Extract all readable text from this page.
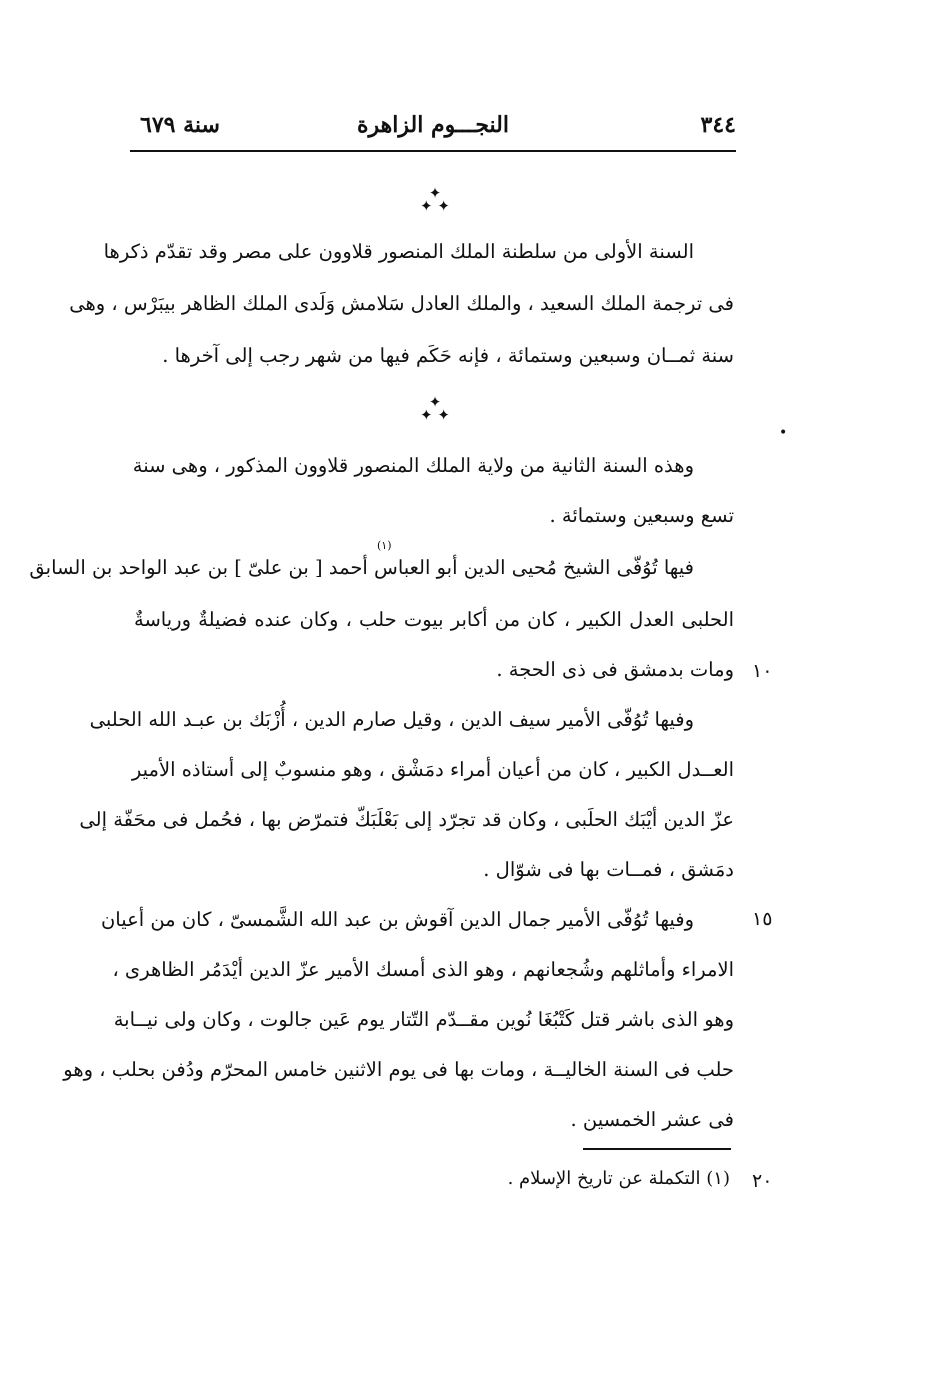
سنة ٦٧٩	النجـــوم الزاهرة	٣٤٤
✦
✦ ✦
✦
✦ ✦
•
السنة الأولى من سلطنة الملك المنصور قلاوون على مصر وقد تقدّم ذكرها
فى ترجمة الملك السعيد ، والملك العادل سَلامش وَلَدى الملك الظاهر بيبَرْس ، وهى
سنة ثمــان وسبعين وستمائة ، فإنه حَكَم فيها من شهر رجب إلى آخرها .
وهذه السنة الثانية من ولاية الملك المنصور قلاوون المذكور ، وهى سنة
تسع وسبعين وستمائة .
(١)
فيها تُوُفّى الشيخ مُحيى الدين أبو العباس أحمد [ بن علىّ ] بن عبد الواحد بن السابق
الحلبى العدل الكبير ، كان من أكابر بيوت حلب ، وكان عنده فضيلةٌ ورياسةٌ
ومات بدمشق فى ذى الحجة . ١٠
وفيها تُوُفّى الأمير سيف الدين ، وقيل صارم الدين ، أُزْبَك بن عبـد الله الحلبى
العــدل الكبير ، كان من أعيان أمراء دمَشْق ، وهو منسوبٌ إلى أستاذه الأمير
عزّ الدين أيْبَك الحلَبى ، وكان قد تجرّد إلى بَعْلَبَكّ فتمرّض بها ، فحُمل فى محَفّة إلى
دمَشق ، فمــات بها فى شوّال .
وفيها تُوُفّى الأمير جمال الدين آقوش بن عبد الله الشَّمسىّ ، كان من أعيان
الامراء وأماثلهم وشُجعانهم ، وهو الذى أمسك الأمير عزّ الدين أيْدَمُر الظاهرى ،
وهو الذى باشر قتل كَتْبُغَا نُوين مقــدّم التّتار يوم عَين جالوت ، وكان ولى نيــابة
حلب فى السنة الخاليــة ، ومات بها فى يوم الاثنين خامس المحرّم ودُفن بحلب ، وهو
فى عشر الخمسين .
١٥
(١) التكملة عن تاريخ الإسلام . ٢٠
